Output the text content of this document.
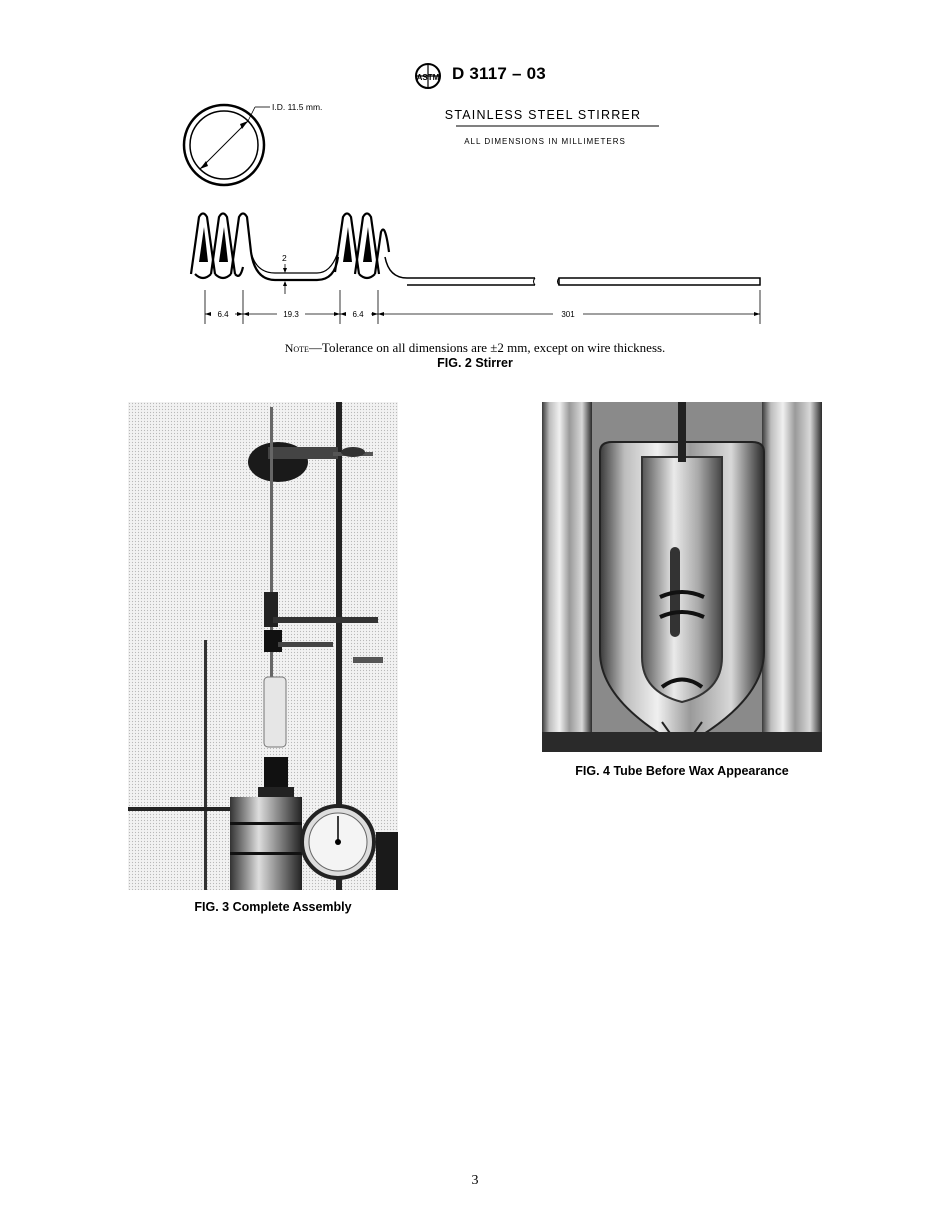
ASTM D 3117 – 03
I.D. 11.5 mm.
STAINLESS STEEL STIRRER
ALL DIMENSIONS IN MILLIMETERS
2
6.4	19.3	6.4	301
Note—Tolerance on all dimensions are ±2 mm, except on wire thickness.
FIG. 2 Stirrer
FIG. 3 Complete Assembly
FIG. 4 Tube Before Wax Appearance
3
